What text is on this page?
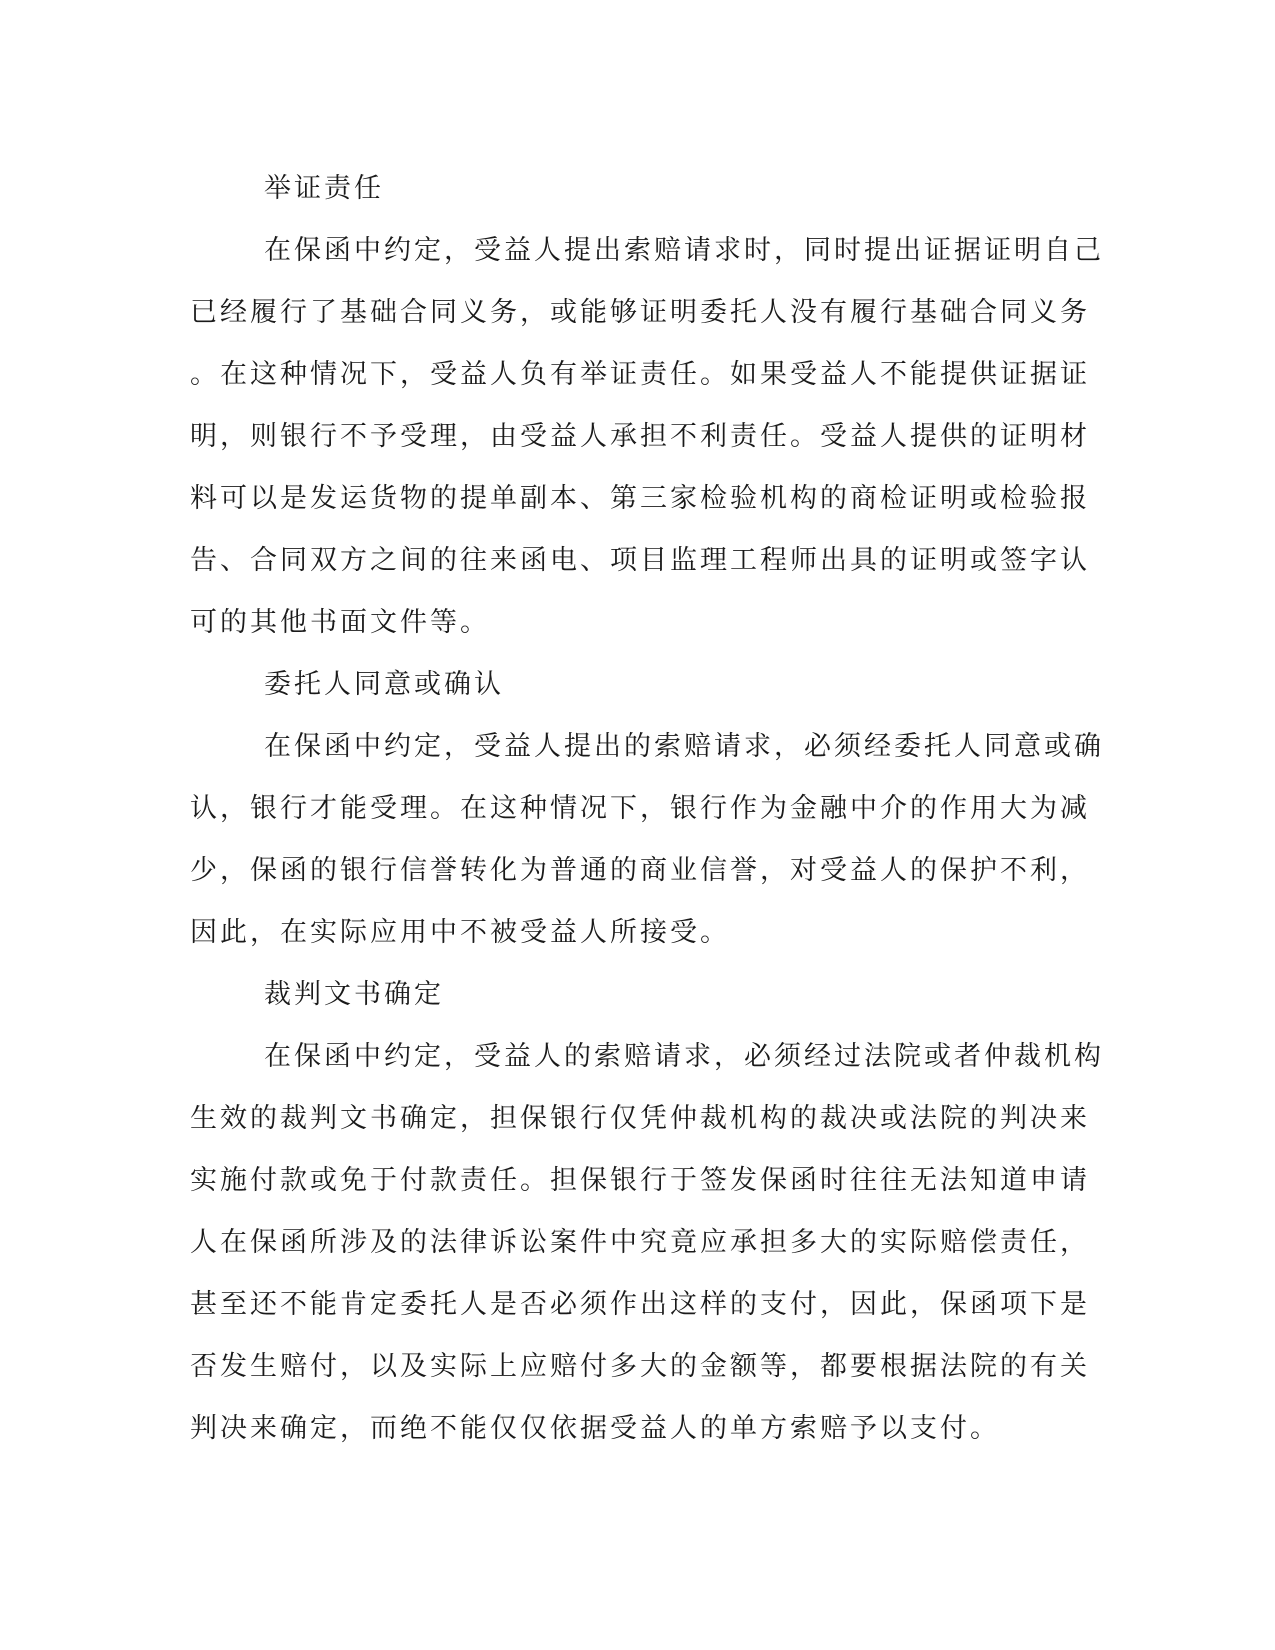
举证责任
在保函中约定，受益人提出索赔请求时，同时提出证据证明自己
已经履行了基础合同义务，或能够证明委托人没有履行基础合同义务
。在这种情况下，受益人负有举证责任。如果受益人不能提供证据证
明，则银行不予受理，由受益人承担不利责任。受益人提供的证明材
料可以是发运货物的提单副本、第三家检验机构的商检证明或检验报
告、合同双方之间的往来函电、项目监理工程师出具的证明或签字认
可的其他书面文件等。
委托人同意或确认
在保函中约定，受益人提出的索赔请求，必须经委托人同意或确
认，银行才能受理。在这种情况下，银行作为金融中介的作用大为减
少，保函的银行信誉转化为普通的商业信誉，对受益人的保护不利，
因此，在实际应用中不被受益人所接受。
裁判文书确定
在保函中约定，受益人的索赔请求，必须经过法院或者仲裁机构
生效的裁判文书确定，担保银行仅凭仲裁机构的裁决或法院的判决来
实施付款或免于付款责任。担保银行于签发保函时往往无法知道申请
人在保函所涉及的法律诉讼案件中究竟应承担多大的实际赔偿责任，
甚至还不能肯定委托人是否必须作出这样的支付，因此，保函项下是
否发生赔付，以及实际上应赔付多大的金额等，都要根据法院的有关
判决来确定，而绝不能仅仅依据受益人的单方索赔予以支付。
